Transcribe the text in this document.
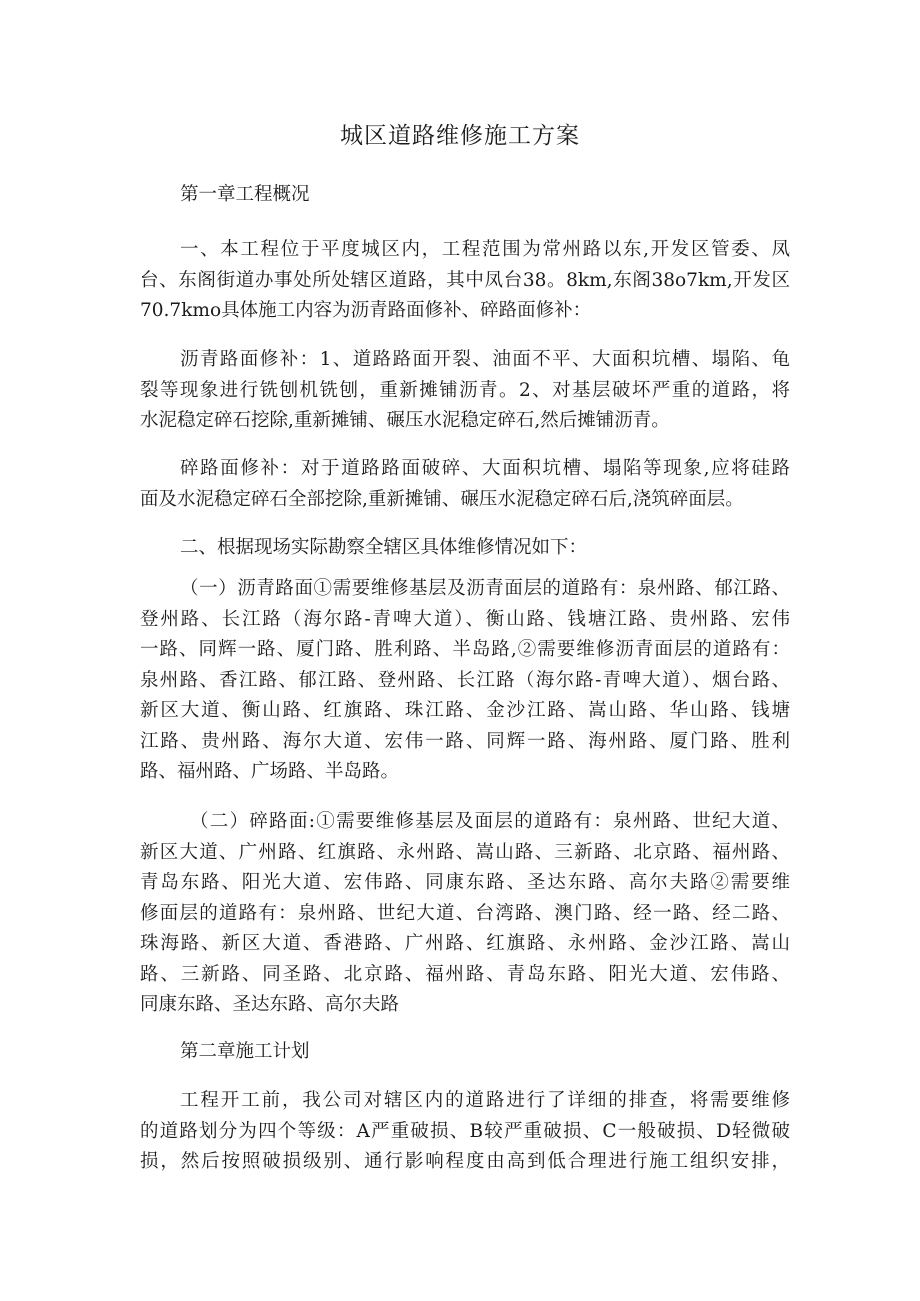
城区道路维修施工方案
第一章工程概况
一、本工程位于平度城区内，工程范围为常州路以东,开发区管委、凤
台、东阁街道办事处所处辖区道路，其中凤台38。8km,东阁38o7km,开发区
70.7kmo具体施工内容为沥青路面修补、碎路面修补：
沥青路面修补：1、道路路面开裂、油面不平、大面积坑槽、塌陷、龟
裂等现象进行铣刨机铣刨，重新摊铺沥青。2、对基层破坏严重的道路，将
水泥稳定碎石挖除,重新摊铺、碾压水泥稳定碎石,然后摊铺沥青。
碎路面修补：对于道路路面破碎、大面积坑槽、塌陷等现象,应将硅路
面及水泥稳定碎石全部挖除,重新摊铺、碾压水泥稳定碎石后,浇筑碎面层。
二、根据现场实际勘察全辖区具体维修情况如下：
（一）沥青路面①需要维修基层及沥青面层的道路有：泉州路、郁江路、
登州路、长江路（海尔路-青啤大道）、衡山路、钱塘江路、贵州路、宏伟
一路、同辉一路、厦门路、胜利路、半岛路,②需要维修沥青面层的道路有：
泉州路、香江路、郁江路、登州路、长江路（海尔路-青啤大道）、烟台路、
新区大道、衡山路、红旗路、珠江路、金沙江路、嵩山路、华山路、钱塘
江路、贵州路、海尔大道、宏伟一路、同辉一路、海州路、厦门路、胜利
路、福州路、广场路、半岛路。
（二）碎路面:①需要维修基层及面层的道路有：泉州路、世纪大道、
新区大道、广州路、红旗路、永州路、嵩山路、三新路、北京路、福州路、
青岛东路、阳光大道、宏伟路、同康东路、圣达东路、高尔夫路②需要维
修面层的道路有：泉州路、世纪大道、台湾路、澳门路、经一路、经二路、
珠海路、新区大道、香港路、广州路、红旗路、永州路、金沙江路、嵩山
路、三新路、同圣路、北京路、福州路、青岛东路、阳光大道、宏伟路、
同康东路、圣达东路、高尔夫路
第二章施工计划
工程开工前，我公司对辖区内的道路进行了详细的排查，将需要维修
的道路划分为四个等级：A严重破损、B较严重破损、C一般破损、D轻微破
损，然后按照破损级别、通行影响程度由高到低合理进行施工组织安排，
